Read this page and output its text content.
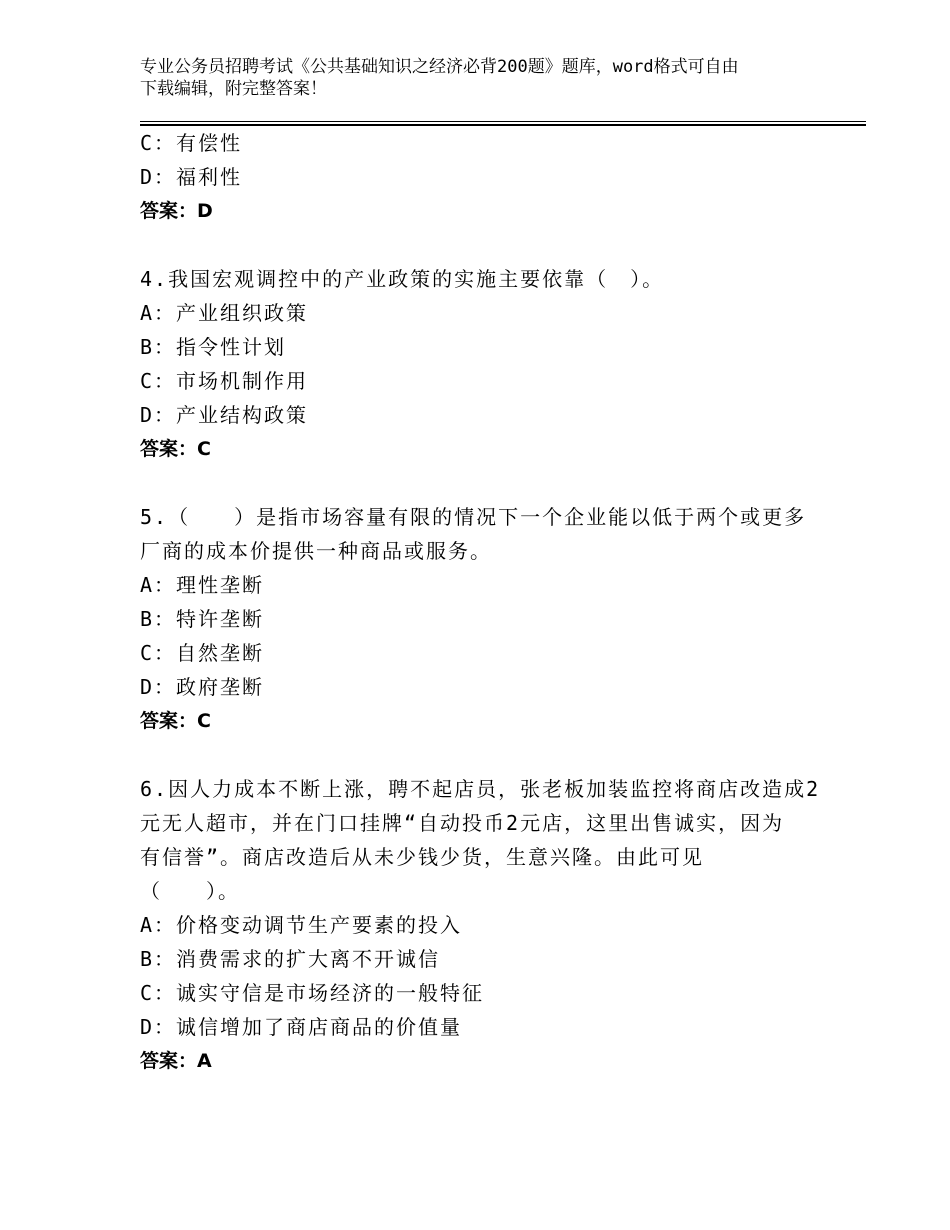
专业公务员招聘考试《公共基础知识之经济必背200题》题库，word格式可自由
下载编辑，附完整答案！
C：有偿性
D：福利性
答案：D
4.我国宏观调控中的产业政策的实施主要依靠（　）。
A：产业组织政策
B：指令性计划
C：市场机制作用
D：产业结构政策
答案：C
5.（　　）是指市场容量有限的情况下一个企业能以低于两个或更多
厂商的成本价提供一种商品或服务。
A：理性垄断
B：特许垄断
C：自然垄断
D：政府垄断
答案：C
6.因人力成本不断上涨，聘不起店员，张老板加装监控将商店改造成2
元无人超市，并在门口挂牌“自动投币2元店，这里出售诚实，因为
有信誉”。商店改造后从未少钱少货，生意兴隆。由此可见
（　　）。
A：价格变动调节生产要素的投入
B：消费需求的扩大离不开诚信
C：诚实守信是市场经济的一般特征
D：诚信增加了商店商品的价值量
答案：A
